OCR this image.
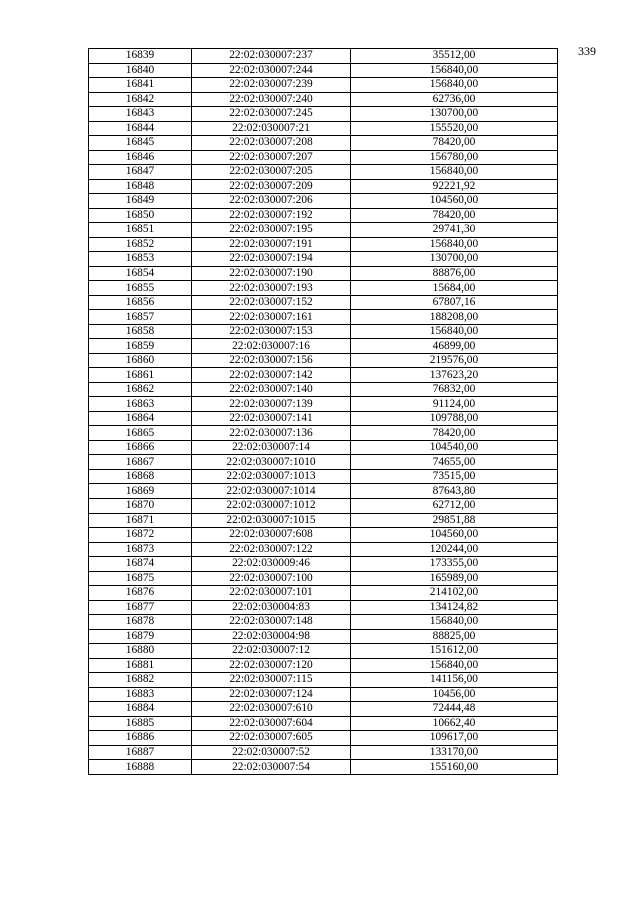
339
16839	22:02:030007:237	35512,00
16840	22:02:030007:244	156840,00
16841	22:02:030007:239	156840,00
16842	22:02:030007:240	62736,00
16843	22:02:030007:245	130700,00
16844	22:02:030007:21	155520,00
16845	22:02:030007:208	78420,00
16846	22:02:030007:207	156780,00
16847	22:02:030007:205	156840,00
16848	22:02:030007:209	92221,92
16849	22:02:030007:206	104560,00
16850	22:02:030007:192	78420,00
16851	22:02:030007:195	29741,30
16852	22:02:030007:191	156840,00
16853	22:02:030007:194	130700,00
16854	22:02:030007:190	88876,00
16855	22:02:030007:193	15684,00
16856	22:02:030007:152	67807,16
16857	22:02:030007:161	188208,00
16858	22:02:030007:153	156840,00
16859	22:02:030007:16	46899,00
16860	22:02:030007:156	219576,00
16861	22:02:030007:142	137623,20
16862	22:02:030007:140	76832,00
16863	22:02:030007:139	91124,00
16864	22:02:030007:141	109788,00
16865	22:02:030007:136	78420,00
16866	22:02:030007:14	104540,00
16867	22:02:030007:1010	74655,00
16868	22:02:030007:1013	73515,00
16869	22:02:030007:1014	87643,80
16870	22:02:030007:1012	62712,00
16871	22:02:030007:1015	29851,88
16872	22:02:030007:608	104560,00
16873	22:02:030007:122	120244,00
16874	22:02:030009:46	173355,00
16875	22:02:030007:100	165989,00
16876	22:02:030007:101	214102,00
16877	22:02:030004:83	134124,82
16878	22:02:030007:148	156840,00
16879	22:02:030004:98	88825,00
16880	22:02:030007:12	151612,00
16881	22:02:030007:120	156840,00
16882	22:02:030007:115	141156,00
16883	22:02:030007:124	10456,00
16884	22:02:030007:610	72444,48
16885	22:02:030007:604	10662,40
16886	22:02:030007:605	109617,00
16887	22:02:030007:52	133170,00
16888	22:02:030007:54	155160,00
